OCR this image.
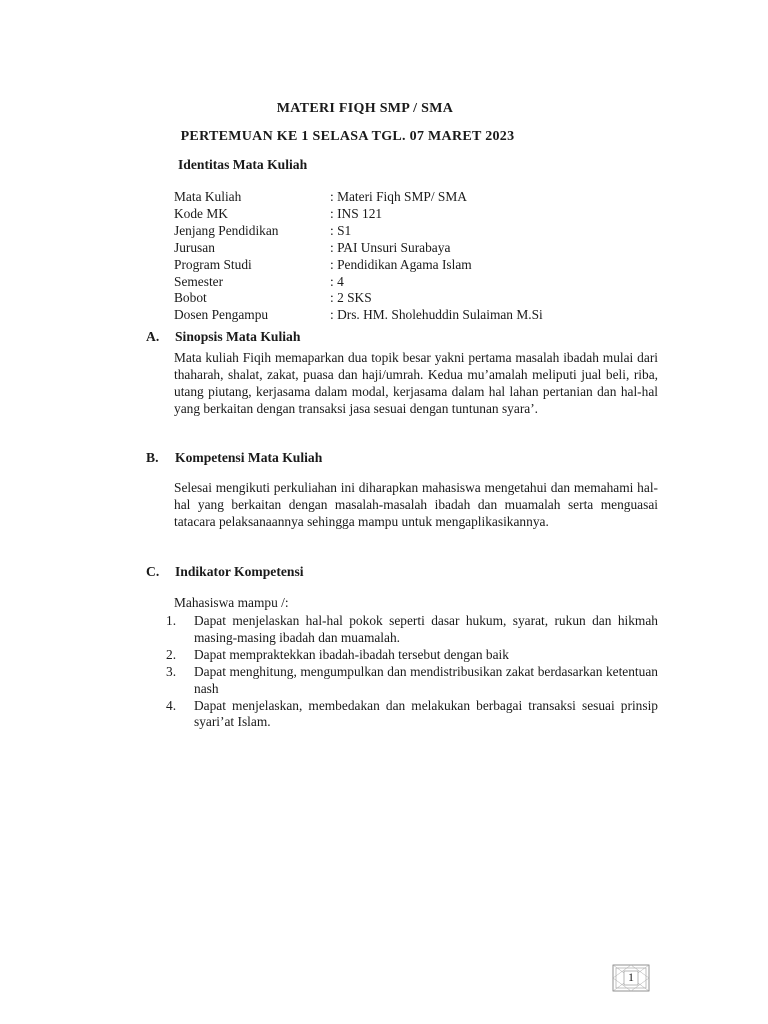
MATERI FIQH SMP / SMA
PERTEMUAN KE 1 SELASA TGL. 07 MARET 2023
Identitas Mata Kuliah
Mata Kuliah	: Materi Fiqh SMP/ SMA
Kode MK	: INS 121
Jenjang Pendidikan	: S1
Jurusan	: PAI Unsuri Surabaya
Program Studi	: Pendidikan Agama Islam
Semester	: 4
Bobot	: 2 SKS
Dosen Pengampu	: Drs. HM. Sholehuddin Sulaiman M.Si
A. Sinopsis Mata Kuliah
Mata kuliah Fiqih memaparkan dua topik besar yakni pertama masalah ibadah mulai dari thaharah, shalat, zakat, puasa dan haji/umrah. Kedua mu’amalah meliputi jual beli, riba, utang piutang, kerjasama dalam modal, kerjasama dalam hal lahan pertanian dan hal-hal yang berkaitan dengan transaksi jasa sesuai dengan tuntunan syara’.
B. Kompetensi Mata Kuliah
Selesai mengikuti perkuliahan ini diharapkan mahasiswa mengetahui dan memahami hal-hal yang berkaitan dengan masalah-masalah ibadah dan muamalah serta menguasai tatacara pelaksanaannya sehingga mampu untuk mengaplikasikannya.
C. Indikator Kompetensi
Mahasiswa mampu /:
1. Dapat menjelaskan hal-hal pokok seperti dasar hukum, syarat, rukun dan hikmah masing-masing ibadah dan muamalah.
2. Dapat mempraktekkan ibadah-ibadah tersebut dengan baik
3. Dapat menghitung, mengumpulkan dan mendistribusikan zakat berdasarkan ketentuan nash
4. Dapat menjelaskan, membedakan dan melakukan berbagai transaksi sesuai prinsip syari’at Islam.
1
